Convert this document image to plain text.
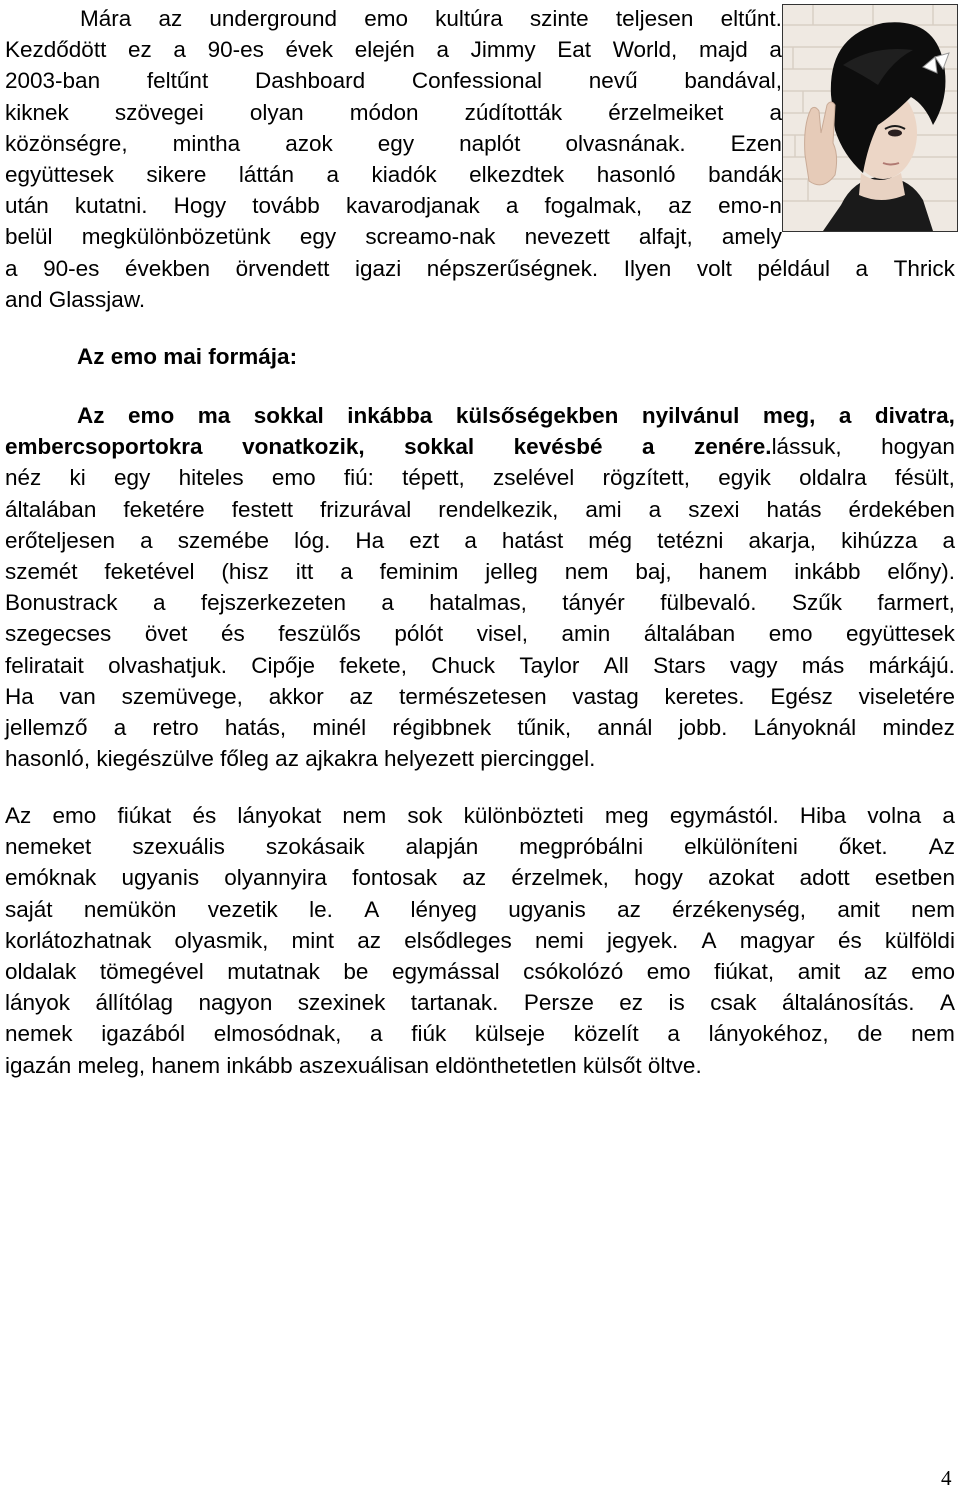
Mára az underground emo kultúra szinte teljesen eltűnt.
Kezdődött ez a 90-es évek elején a Jimmy Eat World, majd a
2003-ban feltűnt Dashboard Confessional nevű bandával,
kiknek szövegei olyan módon zúdították érzelmeiket a
közönségre, mintha azok egy naplót olvasnának. Ezen
együttesek sikere láttán a kiadók elkezdtek hasonló bandák
után kutatni. Hogy tovább kavarodjanak a fogalmak, az emo-n
belül megkülönbözetünk egy screamo-nak nevezett alfajt, amely
a 90-es években örvendett igazi népszerűségnek. Ilyen volt például a Thrick
and Glassjaw.

Az emo mai formája:

Az emo ma sokkal inkábba külsőségekben nyilvánul meg, a divatra,
embercsoportokra vonatkozik, sokkal kevésbé a zenére.lássuk, hogyan
néz ki egy hiteles emo fiú: tépett, zselével rögzített, egyik oldalra fésült,
általában feketére festett frizurával rendelkezik, ami a szexi hatás érdekében
erőteljesen a szemébe lóg. Ha ezt a hatást még tetézni akarja, kihúzza a
szemét feketével (hisz itt a feminim jelleg nem baj, hanem inkább előny).
Bonustrack a fejszerkezeten a hatalmas, tányér fülbevaló. Szűk farmert,
szegecses övet és feszülős pólót visel, amin általában emo együttesek
feliratait olvashatjuk. Cipője fekete, Chuck Taylor All Stars vagy más márkájú.
Ha van szemüvege, akkor az természetesen vastag keretes. Egész viseletére
jellemző a retro hatás, minél régibbnek tűnik, annál jobb. Lányoknál mindez
hasonló, kiegészülve főleg az ajkakra helyezett piercinggel.
Az emo fiúkat és lányokat nem sok különbözteti meg egymástól. Hiba volna a
nemeket szexuális szokásaik alapján megpróbálni elkülöníteni őket. Az
emóknak ugyanis olyannyira fontosak az érzelmek, hogy azokat adott esetben
saját nemükön vezetik le. A lényeg ugyanis az érzékenység, amit nem
korlátozhatnak olyasmik, mint az elsődleges nemi jegyek. A magyar és külföldi
oldalak tömegével mutatnak be egymással csókolózó emo fiúkat, amit az emo
lányok állítólag nagyon szexinek tartanak. Persze ez is csak általánosítás. A
nemek igazából elmosódnak, a fiúk külseje közelít a lányokéhoz, de nem
igazán meleg, hanem inkább aszexuálisan eldönthetetlen külsőt öltve.

4
